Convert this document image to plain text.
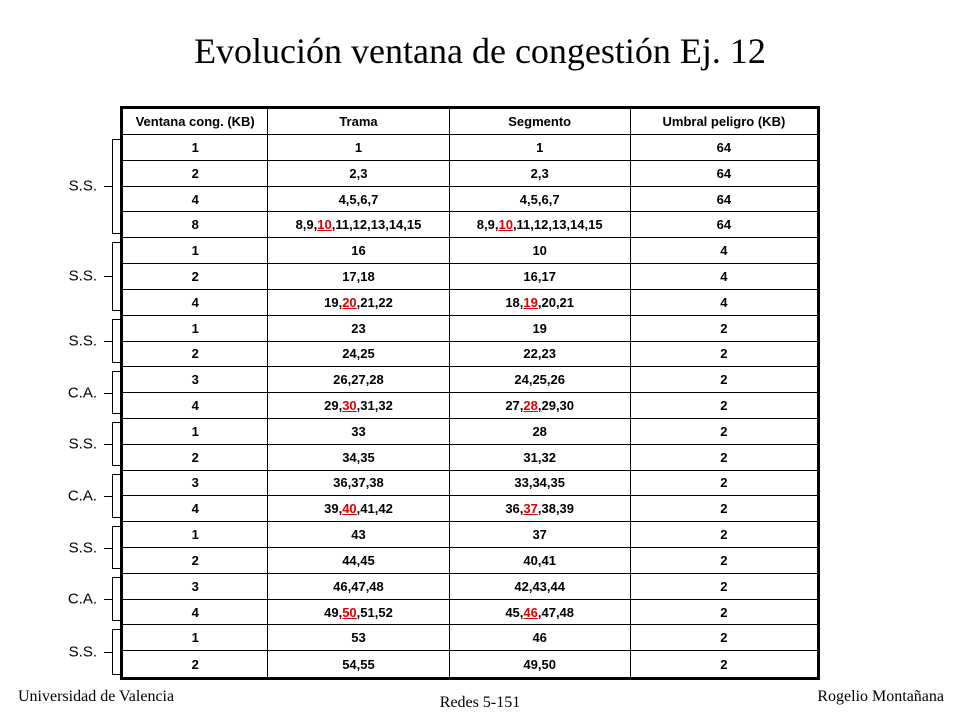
Evolución ventana de congestión Ej. 12
Ventana cong. (KB)	Trama	Segmento	Umbral peligro (KB)
1	1	1	64
2	2,3	2,3	64
4	4,5,6,7	4,5,6,7	64
8	8,9,10,11,12,13,14,15	8,9,10,11,12,13,14,15	64
1	16	10	4
2	17,18	16,17	4
4	19,20,21,22	18,19,20,21	4
1	23	19	2
2	24,25	22,23	2
3	26,27,28	24,25,26	2
4	29,30,31,32	27,28,29,30	2
1	33	28	2
2	34,35	31,32	2
3	36,37,38	33,34,35	2
4	39,40,41,42	36,37,38,39	2
1	43	37	2
2	44,45	40,41	2
3	46,47,48	42,43,44	2
4	49,50,51,52	45,46,47,48	2
1	53	46	2
2	54,55	49,50	2
S.S.
S.S.
S.S.
C.A.
S.S.
C.A.
S.S.
C.A.
S.S.
Universidad de Valencia	Redes 5-151	Rogelio Montañana
